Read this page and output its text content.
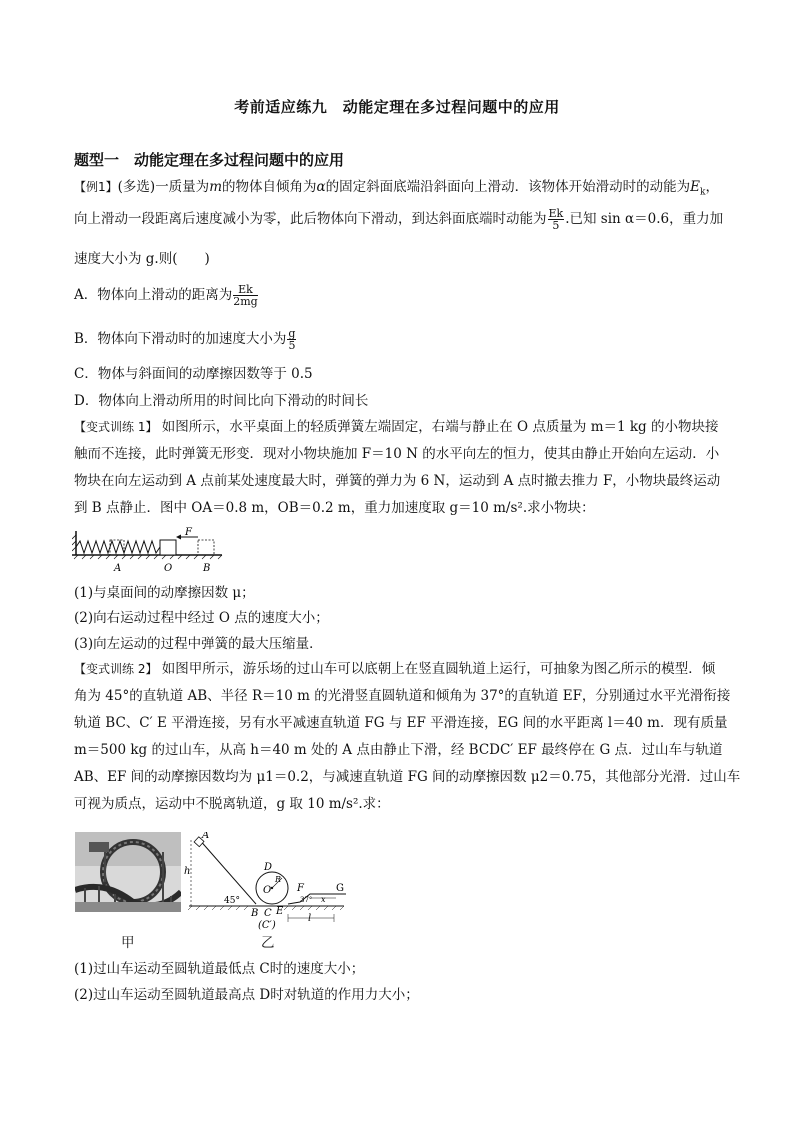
考前适应练九　动能定理在多过程问题中的应用
题型一　动能定理在多过程问题中的应用
【例1】(多选)一质量为m的物体自倾角为α的固定斜面底端沿斜面向上滑动．该物体开始滑动时的动能为$E_k$，
向上滑动一段距离后速度减小为零，此后物体向下滑动，到达斜面底端时动能为 $\frac{Ek}{5}$ .已知 sin α＝0.6，重力加
速度大小为 g.则(　　)
A．物体向上滑动的距离为 $\frac{Ek}{2mg}$
B．物体向下滑动时的加速度大小为 $\frac{g}{5}$
C．物体与斜面间的动摩擦因数等于 0.5
D．物体向上滑动所用的时间比向下滑动的时间长
【变式训练 1】 如图所示，水平桌面上的轻质弹簧左端固定，右端与静止在 O 点质量为 m＝1 kg 的小物块接
触而不连接，此时弹簧无形变．现对小物块施加 F＝10 N 的水平向左的恒力，使其由静止开始向左运动．小
物块在向左运动到 A 点前某处速度最大时，弹簧的弹力为 6 N，运动到 A 点时撤去推力 F，小物块最终运动
到 B 点静止．图中 OA＝0.8 m，OB＝0.2 m，重力加速度取 g＝10 m/s².求小物块：
F
A	O	B
(1)与桌面间的动摩擦因数 μ；
(2)向右运动过程中经过 O 点的速度大小；
(3)向左运动的过程中弹簧的最大压缩量．
【变式训练 2】 如图甲所示，游乐场的过山车可以底朝上在竖直圆轨道上运行，可抽象为图乙所示的模型．倾
角为 45°的直轨道 AB、半径 R＝10 m 的光滑竖直圆轨道和倾角为 37°的直轨道 EF，分别通过水平光滑衔接
轨道 BC、C′ E 平滑连接，另有水平减速直轨道 FG 与 EF 平滑连接，EG 间的水平距离 l＝40 m．现有质量
m＝500 kg 的过山车，从高 h＝40 m 处的 A 点由静止下滑，经 BCDC′ EF 最终停在 G 点．过山车与轨道
AB、EF 间的动摩擦因数均为 μ1＝0.2，与减速直轨道 FG 间的动摩擦因数 μ2＝0.75，其他部分光滑．过山车
可视为质点，运动中不脱离轨道，g 取 10 m/s².求：
甲
h
A
45°
O
R
D
F	G
37° x
B C E
(C′)
l
乙
(1)过山车运动至圆轨道最低点 C时的速度大小；
(2)过山车运动至圆轨道最高点 D时对轨道的作用力大小；
